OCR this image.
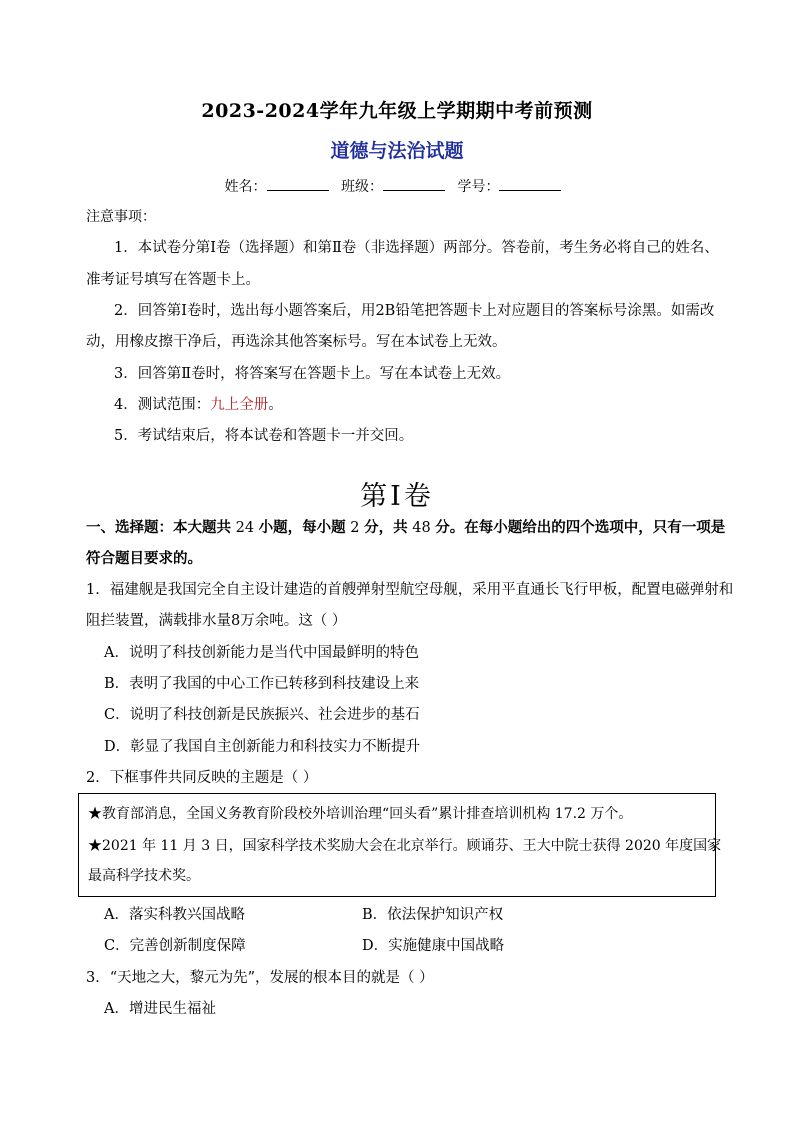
2023-2024学年九年级上学期期中考前预测
道德与法治试题
姓名：	班级：	学号：
注意事项：
1．本试卷分第Ⅰ卷（选择题）和第Ⅱ卷（非选择题）两部分。答卷前，考生务必将自己的姓名、
准考证号填写在答题卡上。
2．回答第Ⅰ卷时，选出每小题答案后，用2B铅笔把答题卡上对应题目的答案标号涂黑。如需改
动，用橡皮擦干净后，再选涂其他答案标号。写在本试卷上无效。
3．回答第Ⅱ卷时，将答案写在答题卡上。写在本试卷上无效。
4．测试范围：九上全册。
5．考试结束后，将本试卷和答题卡一并交回。
第Ⅰ卷
一、选择题：本大题共 24 小题，每小题 2 分，共 48 分。在每小题给出的四个选项中，只有一项是
符合题目要求的。
1．福建舰是我国完全自主设计建造的首艘弹射型航空母舰，采用平直通长飞行甲板，配置电磁弹射和
阻拦装置，满载排水量8万余吨。这（ ）
A．说明了科技创新能力是当代中国最鲜明的特色
B．表明了我国的中心工作已转移到科技建设上来
C．说明了科技创新是民族振兴、社会进步的基石
D．彰显了我国自主创新能力和科技实力不断提升
2．下框事件共同反映的主题是（ ）
★教育部消息，全国义务教育阶段校外培训治理“回头看”累计排查培训机构 17.2 万个。
★2021 年 11 月 3 日，国家科学技术奖励大会在北京举行。顾诵芬、王大中院士获得 2020 年度国家
最高科学技术奖。
A．落实科教兴国战略	B．依法保护知识产权
C．完善创新制度保障	D．实施健康中国战略
3．“天地之大，黎元为先”，发展的根本目的就是（ ）
A．增进民生福祉
